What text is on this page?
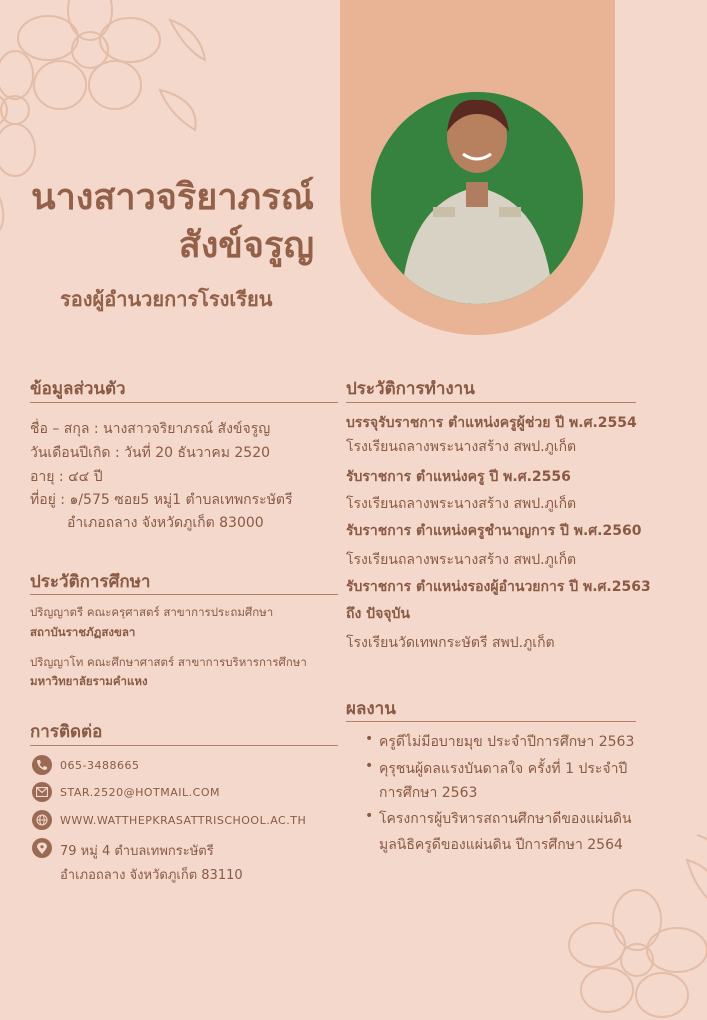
นางสาวจริยาภรณ์
สังข์จรูญ
รองผู้อำนวยการโรงเรียน
ข้อมูลส่วนตัว
ชื่อ – สกุล : นางสาวจริยาภรณ์ สังข์จรูญ
วันเดือนปีเกิด : วันที่ 20 ธันวาคม 2520
อายุ : ๔๔ ปี
ที่อยู่ : ๑/575 ซอย5 หมู่1 ตำบลเทพกระษัตรี
อำเภอถลาง จังหวัดภูเก็ต 83000
ประวัติการศึกษา
ปริญญาตรี คณะครุศาสตร์ สาขาการประถมศึกษา
สถาบันราชภัฏสงขลา
ปริญญาโท คณะศึกษาศาสตร์ สาขาการบริหารการศึกษา
มหาวิทยาลัยรามคำแหง
การติดต่อ
065-3488665
STAR.2520@HOTMAIL.COM
WWW.WATTHEPKRASATTRISCHOOL.AC.TH
79 หมู่ 4 ตำบลเทพกระษัตรี
อำเภอถลาง จังหวัดภูเก็ต 83110
ประวัติการทำงาน
บรรจุรับราชการ ตำแหน่งครูผู้ช่วย ปี พ.ศ.2554
โรงเรียนถลางพระนางสร้าง สพป.ภูเก็ต
รับราชการ ตำแหน่งครู ปี พ.ศ.2556
โรงเรียนถลางพระนางสร้าง สพป.ภูเก็ต
รับราชการ ตำแหน่งครูชำนาญการ ปี พ.ศ.2560
โรงเรียนถลางพระนางสร้าง สพป.ภูเก็ต
รับราชการ ตำแหน่งรองผู้อำนวยการ ปี พ.ศ.2563
ถึง ปัจจุบัน
โรงเรียนวัดเทพกระษัตรี สพป.ภูเก็ต
ผลงาน
• ครูดีไม่มีอบายมุข ประจำปีการศึกษา 2563
• คุรุชนผู้ดลแรงบันดาลใจ ครั้งที่ 1 ประจำปี
การศึกษา 2563
• โครงการผู้บริหารสถานศึกษาดีของแผ่นดิน
มูลนิธิครูดีของแผ่นดิน ปีการศึกษา 2564
